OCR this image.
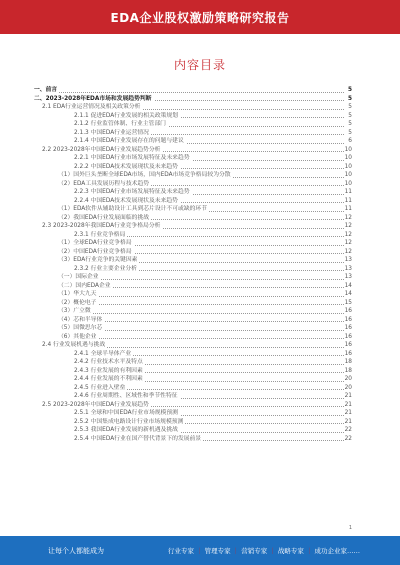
EDA企业股权激励策略研究报告
内容目录
一、前言	5
二、2023-2028年EDA市场和发展趋势判断	5
2.1 EDA行业运营情况及相关政策分析	5
2.1.1 促进EDA行业发展的相关政策规划	5
2.1.2 行业监管体制、行业主管部门	5
2.1.3 中国EDA行业运营情况	5
2.1.4 中国EDA行业发展存在的问题与建议	6
2.2 2023-2028年中国EDA行业发展趋势分析	10
2.2.1 中国EDA行业市场发展特征及未来趋势	10
2.2.2 中国EDA技术发展现状及未来趋势	10
（1）国外巨头垄断全球EDA市场，国内EDA市场竞争格局较为分散	10
（2）EDA工具发展历程与技术趋势	10
2.2.3 中国EDA行业市场发展特征及未来趋势	11
2.2.4 中国EDA技术发展现状及未来趋势	11
（1）EDA软件从辅助设计工具到芯片设计不可或缺的环节	11
（2）我国EDA行业发展面临的挑战	12
2.3 2023-2028年我国EDA行业竞争格局分析	12
2.3.1 行业竞争格局	12
（1）全球EDA行业竞争格局	12
（2）中国EDA行业竞争格局	12
（3）EDA行业竞争的关键因素	13
2.3.2 行业主要企业分析	13
（一）国际企业	13
（二）国内EDA企业	14
（1）华大九天	14
（2）概伦电子	15
（3）广立微	16
（4）芯和半导体	16
（5）国微思尔芯	16
（6）其他企业	16
2.4 行业发展机遇与挑战	16
2.4.1 全球半导体产业	16
2.4.2 行业技术水平及特点	18
2.4.3 行业发展的有利因素	18
2.4.4 行业发展的不利因素	20
2.4.5 行业进入壁垒	20
2.4.6 行业周期性、区域性和季节性特征	21
2.5 2023-2028年中国EDA行业发展趋势	21
2.5.1 全球和中国EDA行业市场规模预测	21
2.5.2 中国集成电路设计行业市场规模预测	21
2.5.3 我国EDA行业发展的新机遇及挑战	22
2.5.4 中国EDA行业在国产替代背景下的发展前景	22
1
让每个人都能成为	行业专家 ｜ 管理专家 ｜ 营销专家 ｜ 战略专家 ｜ 成功企业家……
